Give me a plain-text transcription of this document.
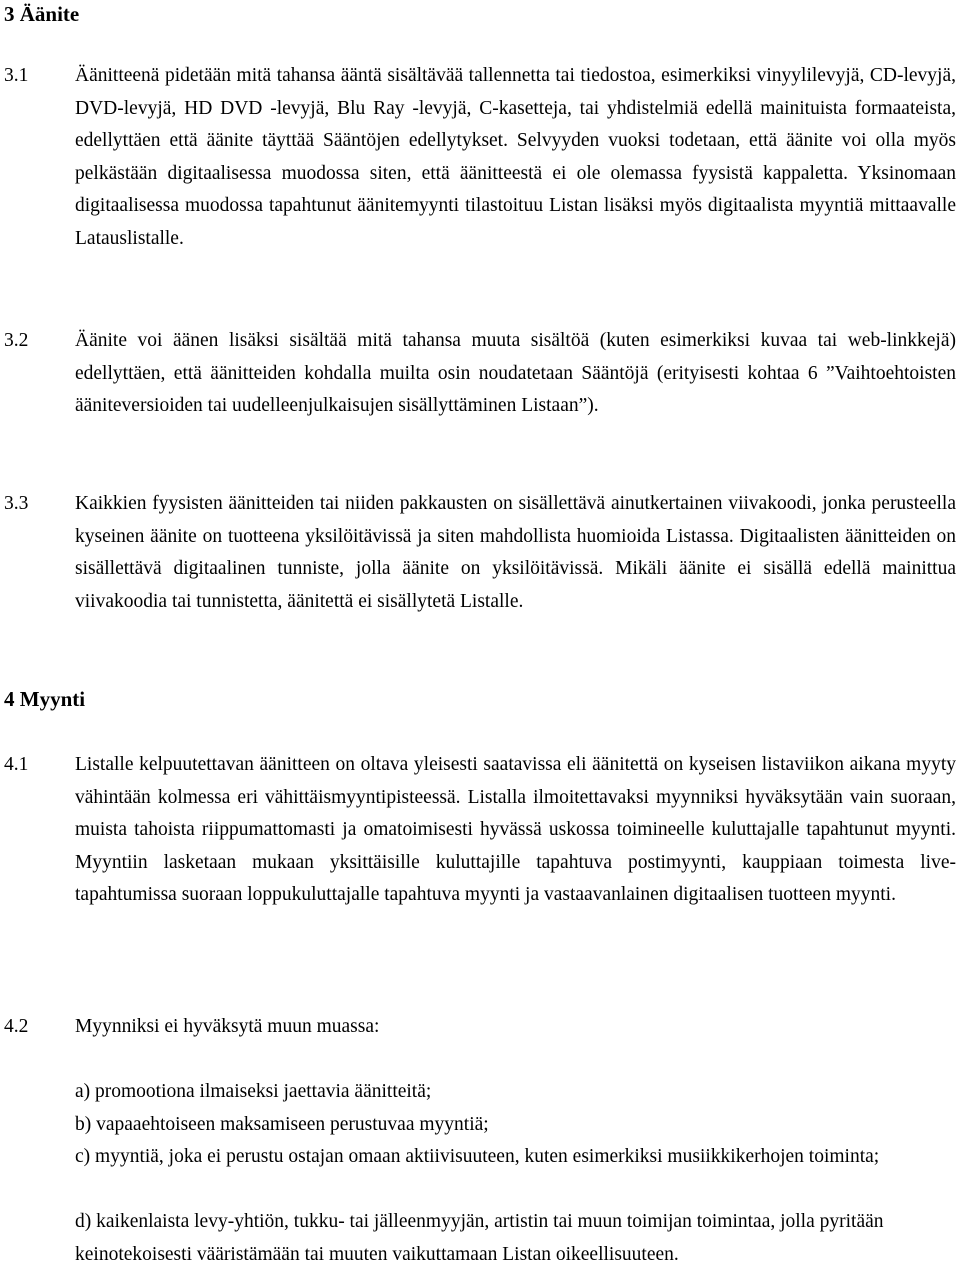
3 Äänite
3.1 Äänitteenä pidetään mitä tahansa ääntä sisältävää tallennetta tai tiedostoa, esimerkiksi vinyylilevyjä, CD-levyjä, DVD-levyjä, HD DVD -levyjä, Blu Ray -levyjä, C-kasetteja, tai yhdistelmiä edellä mainituista formaateista, edellyttäen että äänite täyttää Sääntöjen edellytykset. Selvyyden vuoksi todetaan, että äänite voi olla myös pelkästään digitaalisessa muodossa siten, että äänitteestä ei ole olemassa fyysistä kappaletta. Yksinomaan digitaalisessa muodossa tapahtunut äänitemyynti tilastoituu Listan lisäksi myös digitaalista myyntiä mittaavalle Latauslistalle.

3.2 Äänite voi äänen lisäksi sisältää mitä tahansa muuta sisältöä (kuten esimerkiksi kuvaa tai web-linkkejä) edellyttäen, että äänitteiden kohdalla muilta osin noudatetaan Sääntöjä (erityisesti kohtaa 6 ”Vaihtoehtoisten ääniteversioiden tai uudelleenjulkaisujen sisällyttäminen Listaan”).

3.3 Kaikkien fyysisten äänitteiden tai niiden pakkausten on sisällettävä ainutkertainen viivakoodi, jonka perusteella kyseinen äänite on tuotteena yksilöitävissä ja siten mahdollista huomioida Listassa. Digitaalisten äänitteiden on sisällettävä digitaalinen tunniste, jolla äänite on yksilöitävissä. Mikäli äänite ei sisällä edellä mainittua viivakoodia tai tunnistetta, äänitettä ei sisällytetä Listalle.

4 Myynti
4.1 Listalle kelpuutettavan äänitteen on oltava yleisesti saatavissa eli äänitettä on kyseisen listaviikon aikana myyty vähintään kolmessa eri vähittäismyyntipisteessä. Listalla ilmoitettavaksi myynniksi hyväksytään vain suoraan, muista tahoista riippumattomasti ja omatoimisesti hyvässä uskossa toimineelle kuluttajalle tapahtunut myynti. Myyntiin lasketaan mukaan yksittäisille kuluttajille tapahtuva postimyynti, kauppiaan toimesta live-tapahtumissa suoraan loppukuluttajalle tapahtuva myynti ja vastaavanlainen digitaalisen tuotteen myynti.

4.2 Myynniksi ei hyväksytä muun muassa:

a) promootiona ilmaiseksi jaettavia äänitteitä;

b) vapaaehtoiseen maksamiseen perustuvaa myyntiä;

c) myyntiä, joka ei perustu ostajan omaan aktiivisuuteen, kuten esimerkiksi musiikkikerhojen toiminta;

d) kaikenlaista levy-yhtiön, tukku- tai jälleenmyyjän, artistin tai muun toimijan toimintaa, jolla pyritään keinotekoisesti vääristämään tai muuten vaikuttamaan Listan oikeellisuuteen.
